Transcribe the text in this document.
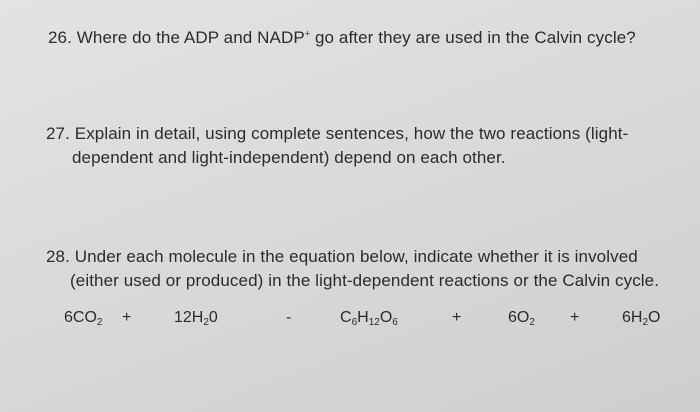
26. Where do the ADP and NADP+ go after they are used in the Calvin cycle?
27. Explain in detail, using complete sentences, how the two reactions (light-
dependent and light-independent) depend on each other.
28. Under each molecule in the equation below, indicate whether it is involved
(either used or produced) in the light-dependent reactions or the Calvin cycle.
$6CO_2$ +	$12H_20$	-	$C_6H_{12}O_6$	+	$6O_2$ +	$6H_2O$
